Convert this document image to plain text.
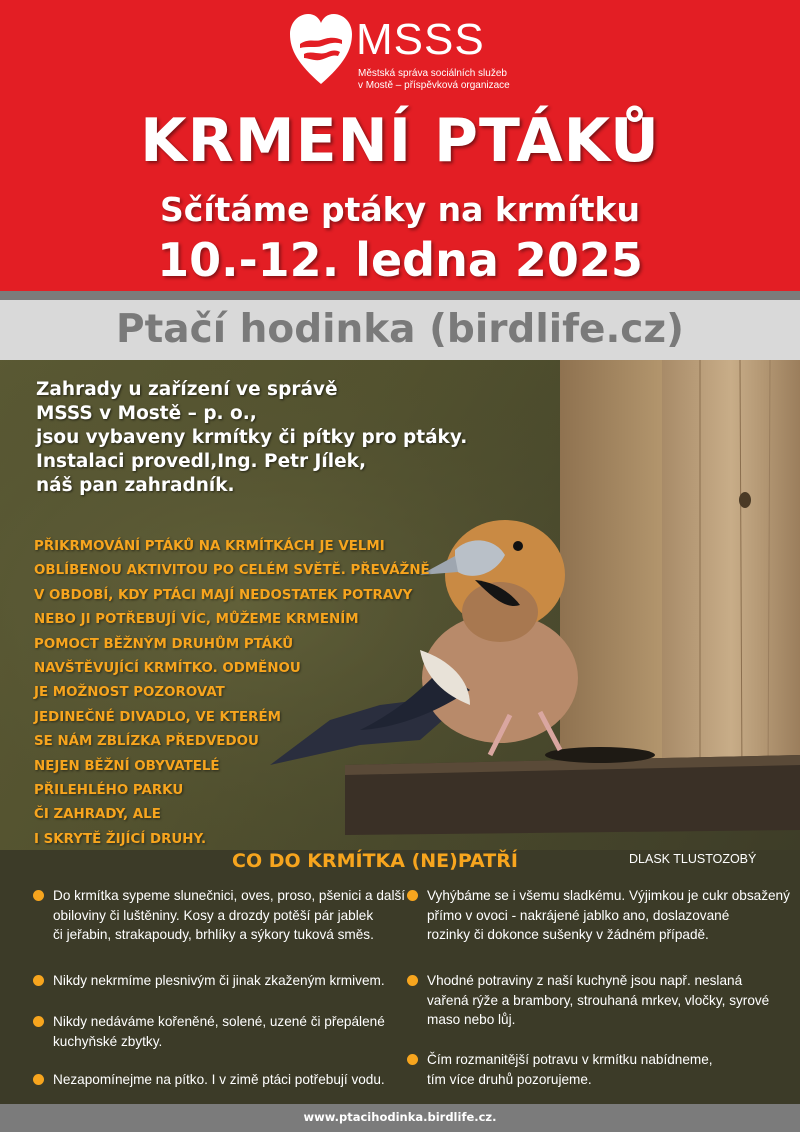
MSSS
Městská správa sociálních služeb
v Mostě – příspěvková organizace
KRMENÍ PTÁKŮ
Sčítáme ptáky na krmítku
10.-12. ledna 2025
Ptačí hodinka (birdlife.cz)
Zahrady u zařízení ve správě
MSSS v Mostě – p. o.,
jsou vybaveny krmítky či pítky pro ptáky.
Instalaci provedl,Ing. Petr Jílek,
náš pan zahradník.
PŘIKRMOVÁNÍ PTÁKŮ NA KRMÍTKÁCH JE VELMI
OBLÍBENOU AKTIVITOU PO CELÉM SVĚTĚ. PŘEVÁŽNĚ
V OBDOBÍ, KDY PTÁCI MAJÍ NEDOSTATEK POTRAVY
NEBO JI POTŘEBUJÍ VÍC, MŮŽEME KRMENÍM
POMOCT BĚŽNÝM DRUHŮM PTÁKŮ
NAVŠTĚVUJÍCÍ KRMÍTKO. ODMĚNOU
JE MOŽNOST POZOROVAT
JEDINEČNÉ DIVADLO, VE KTERÉM
SE NÁM ZBLÍZKA PŘEDVEDOU
NEJEN BĚŽNÍ OBYVATELÉ
PŘILEHLÉHO PARKU
ČI ZAHRADY, ALE
I SKRYTĚ ŽIJÍCÍ DRUHY.
CO DO KRMÍTKA (NE)PATŘÍ	DLASK TLUSTOZOBÝ
Do krmítka sypeme slunečnici, oves, proso, pšenici a další
obiloviny či luštěniny. Kosy a drozdy potěší pár jablek
či jeřabin, strakapoudy, brhlíky a sýkory tuková směs.
Nikdy nekrmíme plesnivým či jinak zkaženým krmivem.
Nikdy nedáváme kořeněné, solené, uzené či přepálené
kuchyňské zbytky.
Nezapomínejme na pítko. I v zimě ptáci potřebují vodu.
Vyhýbáme se i všemu sladkému. Výjimkou je cukr obsažený
přímo v ovoci - nakrájené jablko ano, doslazované
rozinky či dokonce sušenky v žádném případě.
Vhodné potraviny z naší kuchyně jsou např. neslaná
vařená rýže a brambory, strouhaná mrkev, vločky, syrové
maso nebo lůj.
Čím rozmanitější potravu v krmítku nabídneme,
tím více druhů pozorujeme.
www.ptacihodinka.birdlife.cz.
